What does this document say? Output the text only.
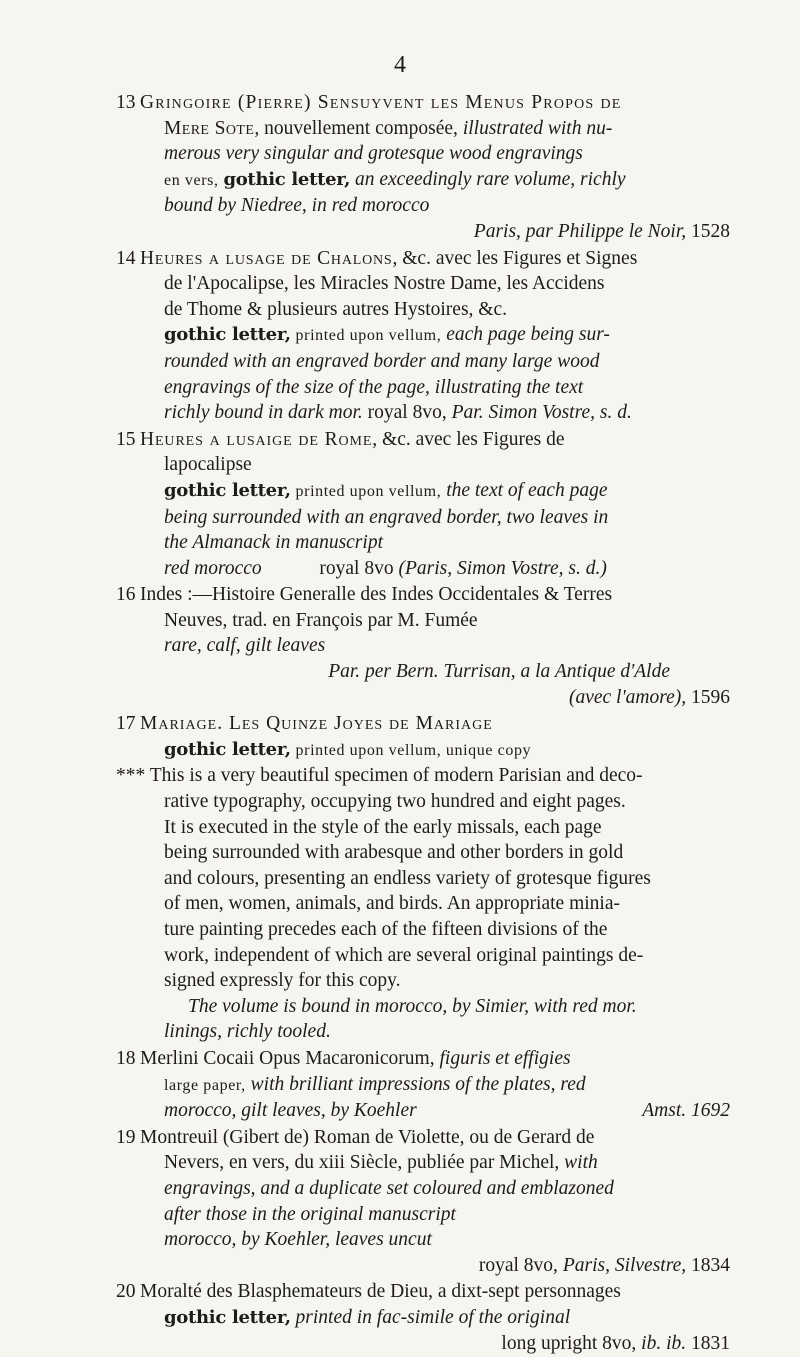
4
13 Gringoire (Pierre) Sensuyvent les Menus Propos de
Mere Sote, nouvellement composée, illustrated with nu-
merous very singular and grotesque wood engravings
en vers, gothic letter, an exceedingly rare volume, richly
bound by Niedree, in red morocco
Paris, par Philippe le Noir, 1528
14 Heures a lusage de Chalons, &c. avec les Figures et Signes
de l'Apocalipse, les Miracles Nostre Dame, les Accidens
de Thome & plusieurs autres Hystoires, &c.
gothic letter, printed upon vellum, each page being sur-
rounded with an engraved border and many large wood
engravings of the size of the page, illustrating the text
richly bound in dark mor. royal 8vo, Par. Simon Vostre, s. d.
15 Heures a lusaige de Rome, &c. avec les Figures de
lapocalipse
gothic letter, printed upon vellum, the text of each page
being surrounded with an engraved border, two leaves in
the Almanack in manuscript
red morocco	royal 8vo (Paris, Simon Vostre, s. d.)
16 Indes :—Histoire Generalle des Indes Occidentales & Terres
Neuves, trad. en François par M. Fumée
rare, calf, gilt leaves
Par. per Bern. Turrisan, a la Antique d'Alde
(avec l'amore), 1596
17 Mariage. Les Quinze Joyes de Mariage
gothic letter, printed upon vellum, unique copy
*** This is a very beautiful specimen of modern Parisian and deco-
rative typography, occupying two hundred and eight pages.
It is executed in the style of the early missals, each page
being surrounded with arabesque and other borders in gold
and colours, presenting an endless variety of grotesque figures
of men, women, animals, and birds. An appropriate minia-
ture painting precedes each of the fifteen divisions of the
work, independent of which are several original paintings de-
signed expressly for this copy.
The volume is bound in morocco, by Simier, with red mor.
linings, richly tooled.
18 Merlini Cocaii Opus Macaronicorum, figuris et effigies
large paper, with brilliant impressions of the plates, red
morocco, gilt leaves, by Koehler	Amst. 1692
19 Montreuil (Gibert de) Roman de Violette, ou de Gerard de
Nevers, en vers, du xiii Siècle, publiée par Michel, with
engravings, and a duplicate set coloured and emblazoned
after those in the original manuscript
morocco, by Koehler, leaves uncut
royal 8vo, Paris, Silvestre, 1834
20 Moralté des Blasphemateurs de Dieu, a dixt-sept personnages
gothic letter, printed in fac-simile of the original
long upright 8vo, ib. ib. 1831
